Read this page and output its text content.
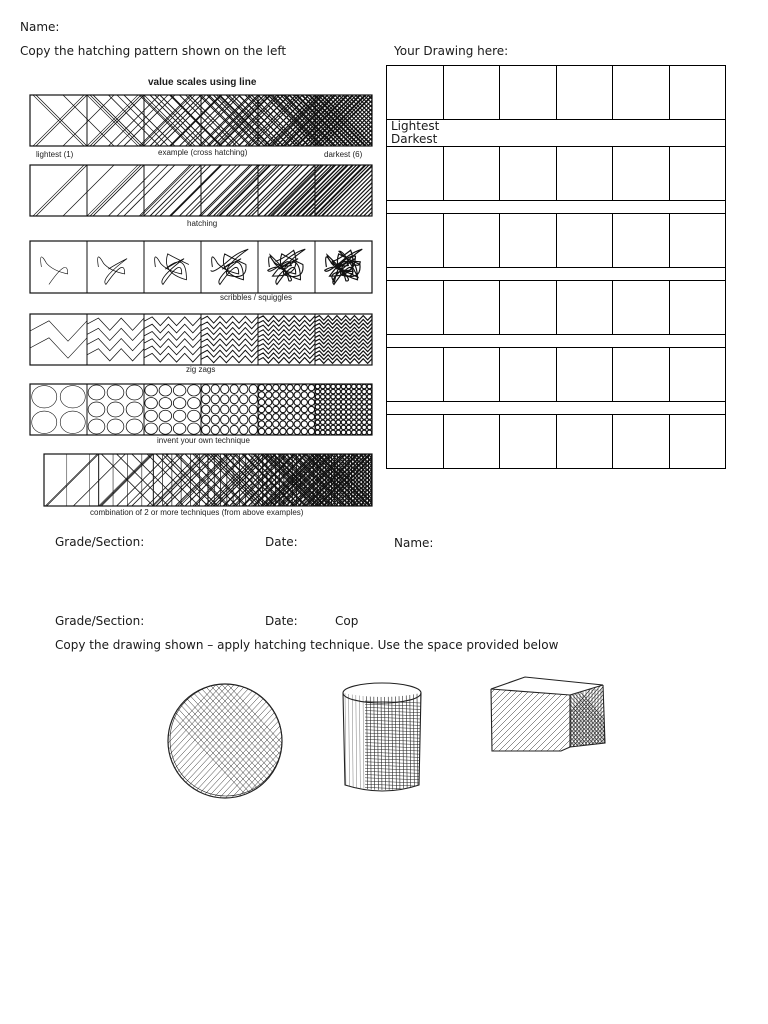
Name:
Copy the hatching pattern shown on the left	Your Drawing here:
value scales using line
lightest (1)	example (cross hatching)	darkest (6)
hatching
scribbles / squiggles
zig zags
invent your own technique
combination of 2 or more techniques (from above examples)

Lightest
Darkest					

Grade/Section:	Date:	Name:
Grade/Section:	Date:	Cop
Copy the drawing shown – apply hatching technique. Use the space provided below
